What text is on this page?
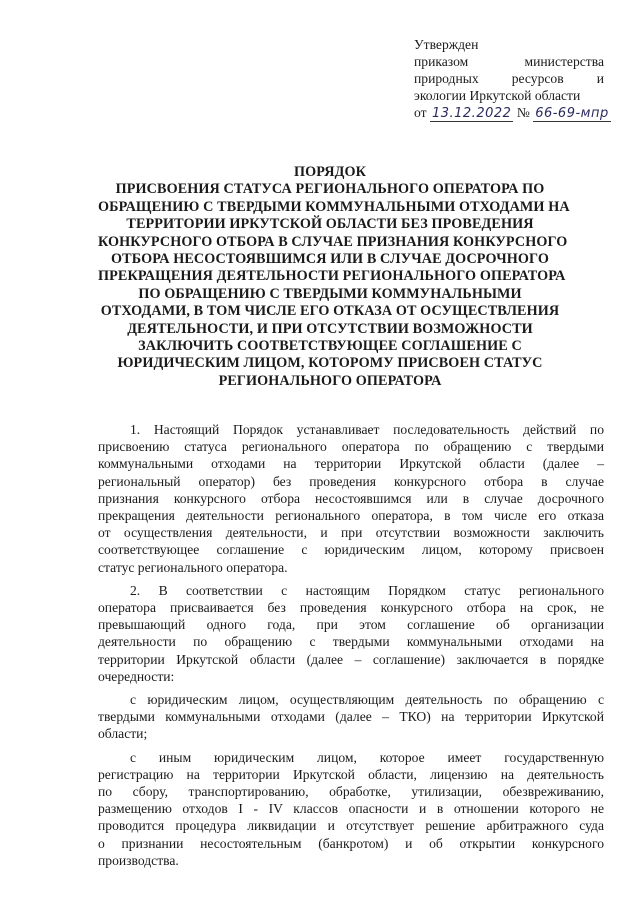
Утвержден
приказом министерства
природных ресурсов и
экологии Иркутской области
от 13.12.2022 № 66-69-мпр
ПОРЯДОК
ПРИСВОЕНИЯ СТАТУСА РЕГИОНАЛЬНОГО ОПЕРАТОРА ПО
ОБРАЩЕНИЮ С ТВЕРДЫМИ КОММУНАЛЬНЫМИ ОТХОДАМИ НА
ТЕРРИТОРИИ ИРКУТСКОЙ ОБЛАСТИ БЕЗ ПРОВЕДЕНИЯ
КОНКУРСНОГО ОТБОРА В СЛУЧАЕ ПРИЗНАНИЯ КОНКУРСНОГО
ОТБОРА НЕСОСТОЯВШИМСЯ ИЛИ В СЛУЧАЕ ДОСРОЧНОГО
ПРЕКРАЩЕНИЯ ДЕЯТЕЛЬНОСТИ РЕГИОНАЛЬНОГО ОПЕРАТОРА
ПО ОБРАЩЕНИЮ С ТВЕРДЫМИ КОММУНАЛЬНЫМИ
ОТХОДАМИ, В ТОМ ЧИСЛЕ ЕГО ОТКАЗА ОТ ОСУЩЕСТВЛЕНИЯ
ДЕЯТЕЛЬНОСТИ, И ПРИ ОТСУТСТВИИ ВОЗМОЖНОСТИ
ЗАКЛЮЧИТЬ СООТВЕТСТВУЮЩЕЕ СОГЛАШЕНИЕ С
ЮРИДИЧЕСКИМ ЛИЦОМ, КОТОРОМУ ПРИСВОЕН СТАТУС
РЕГИОНАЛЬНОГО ОПЕРАТОРА
1. Настоящий Порядок устанавливает последовательность действий по
присвоению статуса регионального оператора по обращению с твердыми
коммунальными отходами на территории Иркутской области (далее –
региональный оператор) без проведения конкурсного отбора в случае
признания конкурсного отбора несостоявшимся или в случае досрочного
прекращения деятельности регионального оператора, в том числе его отказа
от осуществления деятельности, и при отсутствии возможности заключить
соответствующее соглашение с юридическим лицом, которому присвоен
статус регионального оператора.
2. В соответствии с настоящим Порядком статус регионального
оператора присваивается без проведения конкурсного отбора на срок, не
превышающий одного года, при этом соглашение об организации
деятельности по обращению с твердыми коммунальными отходами на
территории Иркутской области (далее – соглашение) заключается в порядке
очередности:
с юридическим лицом, осуществляющим деятельность по обращению с
твердыми коммунальными отходами (далее – ТКО) на территории Иркутской
области;
с иным юридическим лицом, которое имеет государственную
регистрацию на территории Иркутской области, лицензию на деятельность
по сбору, транспортированию, обработке, утилизации, обезвреживанию,
размещению отходов I - IV классов опасности и в отношении которого не
проводится процедура ликвидации и отсутствует решение арбитражного суда
о признании несостоятельным (банкротом) и об открытии конкурсного
производства.
